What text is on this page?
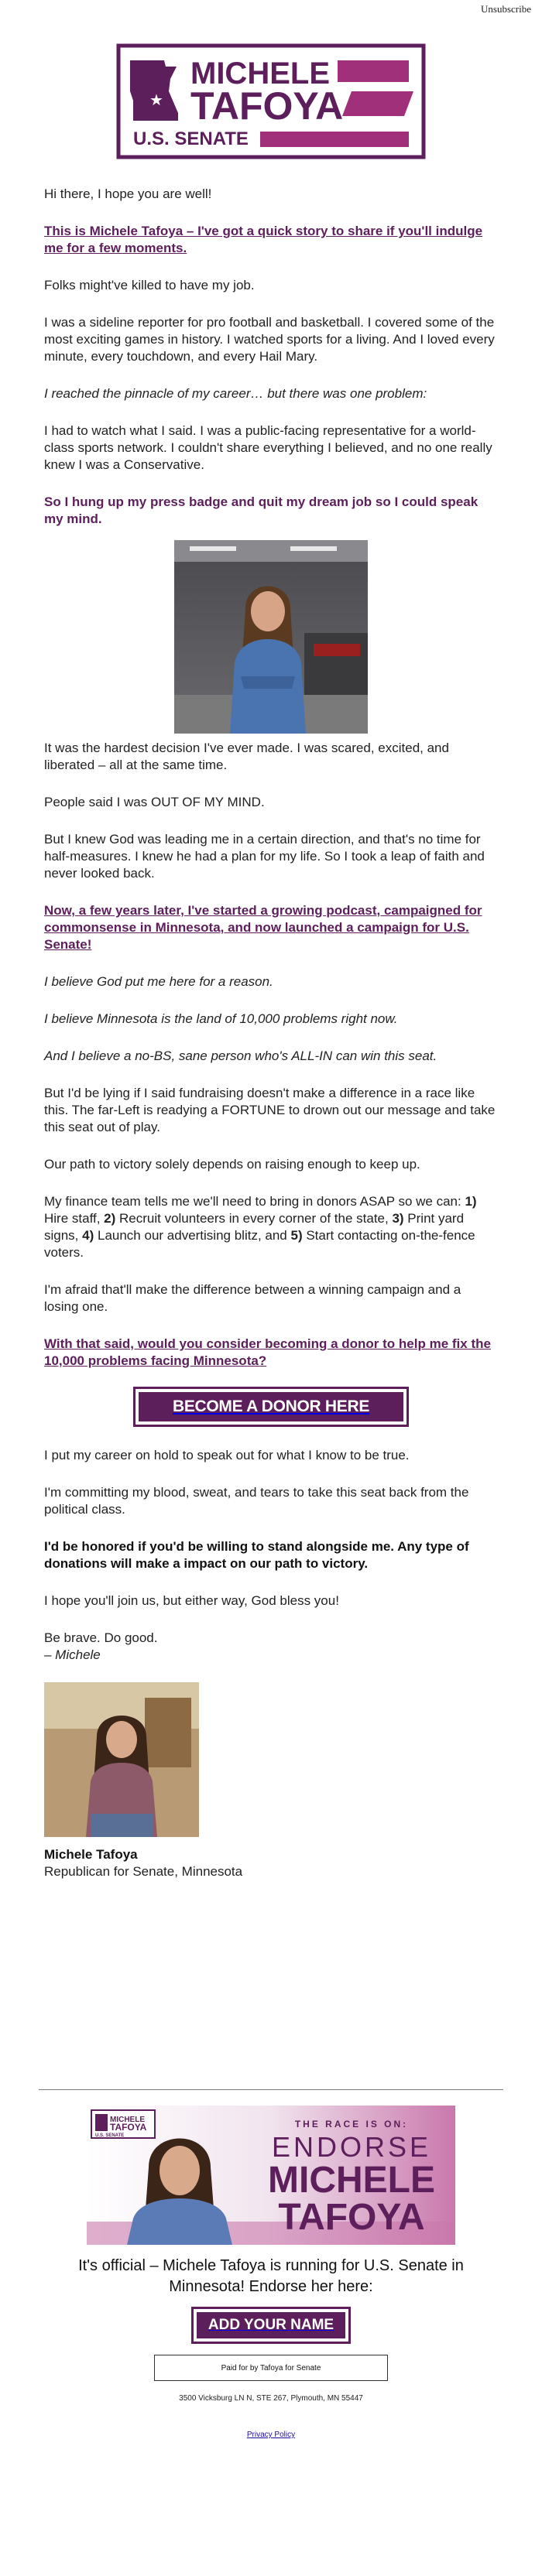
Unsubscribe
★
MICHELE
TAFOYA
U.S. SENATE

Hi there, I hope you are well!

This is Michele Tafoya – I've got a quick story to share if you'll indulge me for a few moments.

Folks might've killed to have my job.

I was a sideline reporter for pro football and basketball. I covered some of the most exciting games in history. I watched sports for a living. And I loved every minute, every touchdown, and every Hail Mary.

I reached the pinnacle of my career… but there was one problem:

I had to watch what I said. I was a public-facing representative for a world-class sports network. I couldn't share everything I believed, and no one really knew I was a Conservative.

So I hung up my press badge and quit my dream job so I could speak my mind.

It was the hardest decision I've ever made. I was scared, excited, and liberated – all at the same time.

People said I was OUT OF MY MIND.

But I knew God was leading me in a certain direction, and that's no time for half-measures. I knew he had a plan for my life. So I took a leap of faith and never looked back.

Now, a few years later, I've started a growing podcast, campaigned for commonsense in Minnesota, and now launched a campaign for U.S. Senate!

I believe God put me here for a reason.

I believe Minnesota is the land of 10,000 problems right now.

And I believe a no-BS, sane person who's ALL-IN can win this seat.

But I'd be lying if I said fundraising doesn't make a difference in a race like this. The far-Left is readying a FORTUNE to drown out our message and take this seat out of play.

Our path to victory solely depends on raising enough to keep up.

My finance team tells me we'll need to bring in donors ASAP so we can: 1) Hire staff, 2) Recruit volunteers in every corner of the state, 3) Print yard signs, 4) Launch our advertising blitz, and 5) Start contacting on-the-fence voters.

I'm afraid that'll make the difference between a winning campaign and a losing one.

With that said, would you consider becoming a donor to help me fix the 10,000 problems facing Minnesota?

BECOME A DONOR HERE

I put my career on hold to speak out for what I know to be true.

I'm committing my blood, sweat, and tears to take this seat back from the political class.

I'd be honored if you'd be willing to stand alongside me. Any type of donations will make a impact on our path to victory.

I hope you'll join us, but either way, God bless you!

Be brave. Do good.

– Michele

Michele Tafoya

Republican for Senate, Minnesota

MICHELE
TAFOYA
U.S. SENATE
THE RACE IS ON:
ENDORSE
MICHELE
TAFOYA

It's official – Michele Tafoya is running for U.S. Senate in Minnesota! Endorse her here:

ADD YOUR NAME
Paid for by Tafoya for Senate

3500 Vicksburg LN N, STE 267, Plymouth, MN 55447

Privacy Policy
